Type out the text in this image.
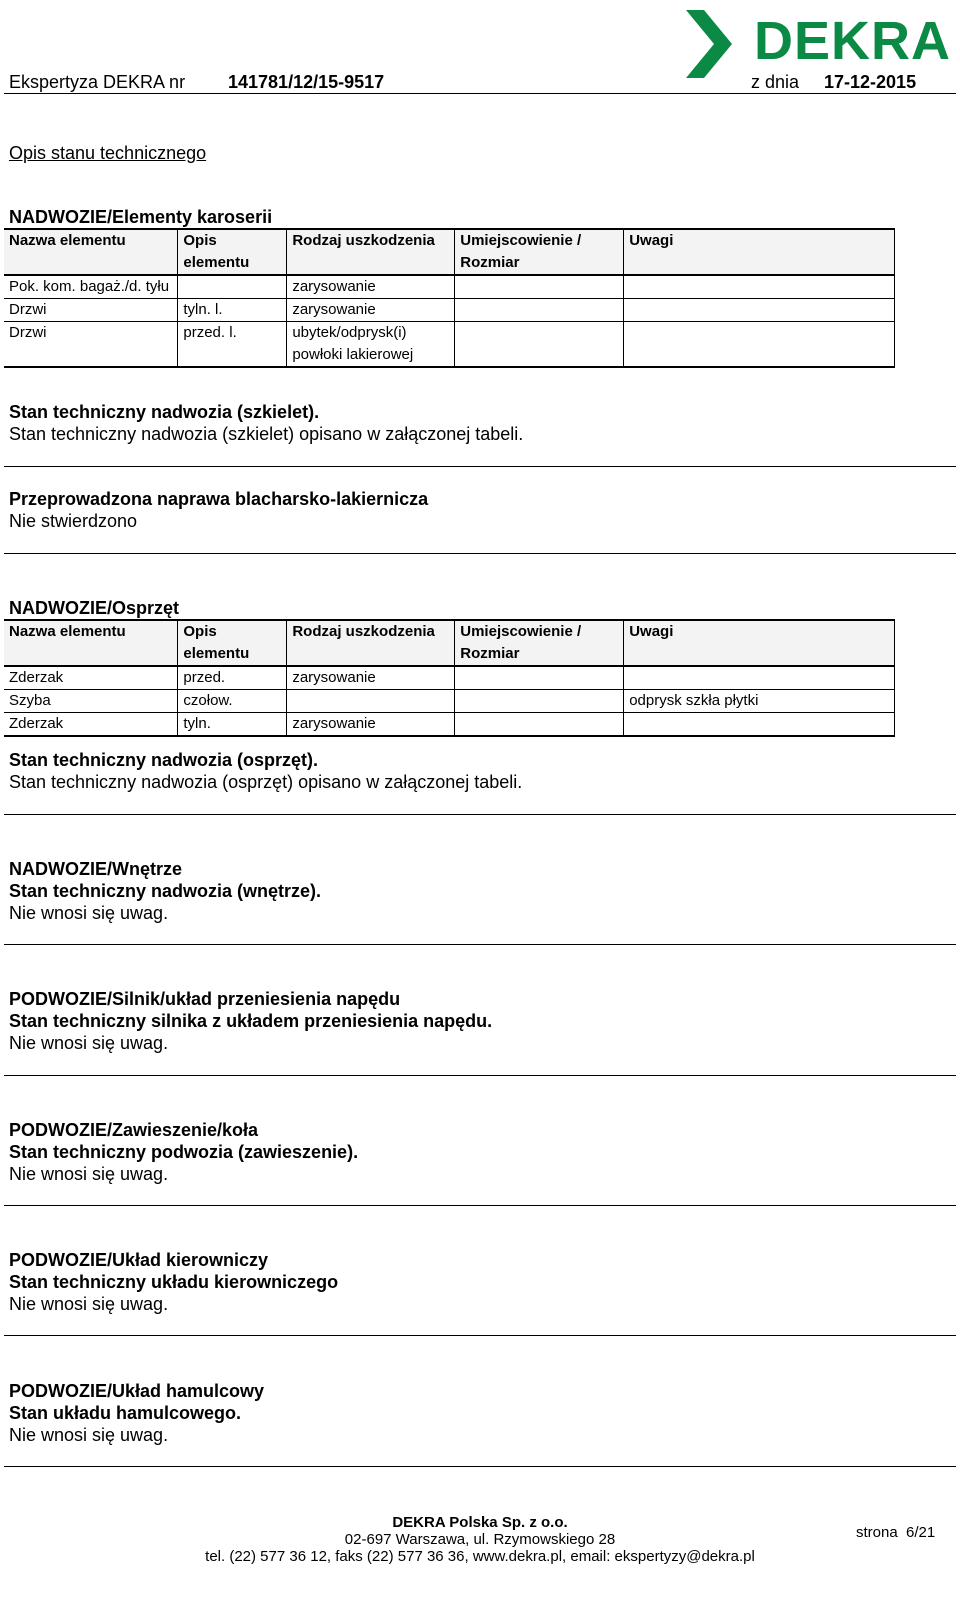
DEKRA
Ekspertyza DEKRA nr 141781/12/15-9517	z dnia 17-12-2015
Opis stanu technicznego
NADWOZIE/Elementy karoserii
Nazwa elementu	Opis elementu	Rodzaj uszkodzenia	Umiejscowienie / Rozmiar	Uwagi
Pok. kom. bagaż./d. tyłu		zarysowanie		
Drzwi	tyln. l.	zarysowanie		
Drzwi	przed. l.	ubytek/odprysk(i) powłoki lakierowej		
Stan techniczny nadwozia (szkielet).
Stan techniczny nadwozia (szkielet) opisano w załączonej tabeli.
Przeprowadzona naprawa blacharsko-lakiernicza
Nie stwierdzono
NADWOZIE/Osprzęt
Nazwa elementu	Opis elementu	Rodzaj uszkodzenia	Umiejscowienie / Rozmiar	Uwagi
Zderzak	przed.	zarysowanie		
Szyba	czołow.			odprysk szkła płytki
Zderzak	tyln.	zarysowanie		
Stan techniczny nadwozia (osprzęt).
Stan techniczny nadwozia (osprzęt) opisano w załączonej tabeli.
NADWOZIE/Wnętrze
Stan techniczny nadwozia (wnętrze).
Nie wnosi się uwag.
PODWOZIE/Silnik/układ przeniesienia napędu
Stan techniczny silnika z układem przeniesienia napędu.
Nie wnosi się uwag.
PODWOZIE/Zawieszenie/koła
Stan techniczny podwozia (zawieszenie).
Nie wnosi się uwag.
PODWOZIE/Układ kierowniczy
Stan techniczny układu kierowniczego
Nie wnosi się uwag.
PODWOZIE/Układ hamulcowy
Stan układu hamulcowego.
Nie wnosi się uwag.
strona 6/21
DEKRA Polska Sp. z o.o.
02-697 Warszawa, ul. Rzymowskiego 28
tel. (22) 577 36 12, faks (22) 577 36 36, www.dekra.pl, email: ekspertyzy@dekra.pl
